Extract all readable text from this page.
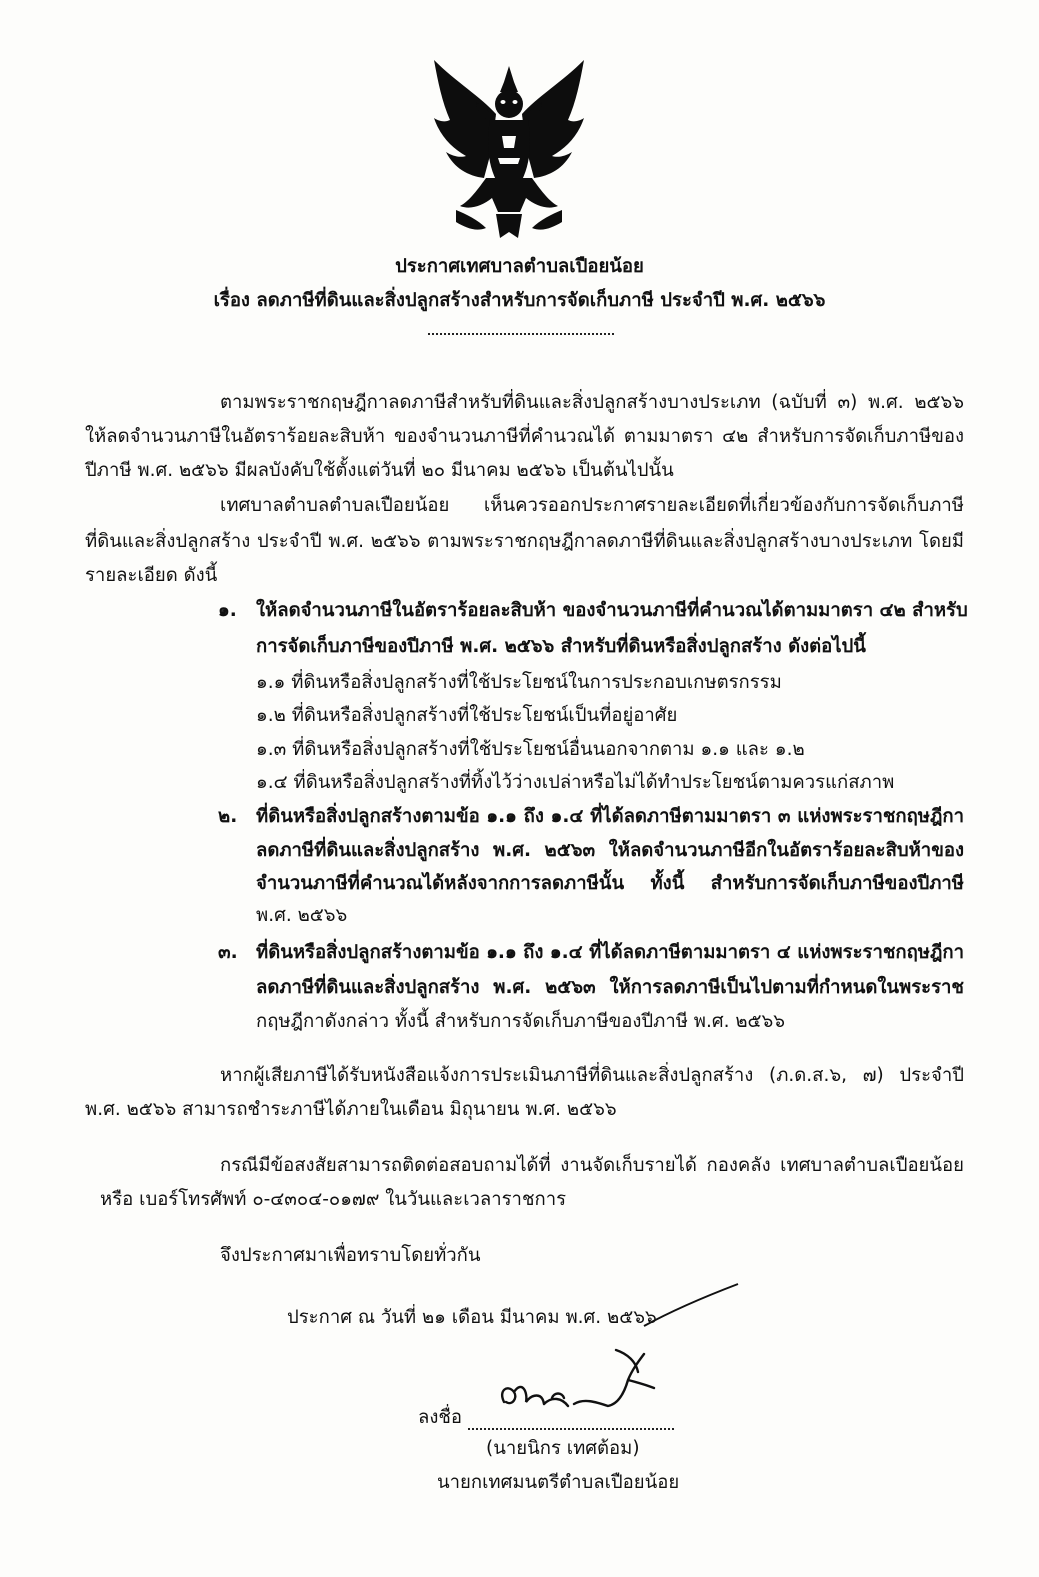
ประกาศเทศบาลตำบลเปือยน้อย
เรื่อง ลดภาษีที่ดินและสิ่งปลูกสร้างสำหรับการจัดเก็บภาษี ประจำปี พ.ศ. ๒๕๖๖
ตามพระราชกฤษฎีกาลดภาษีสำหรับที่ดินและสิ่งปลูกสร้างบางประเภท (ฉบับที่ ๓) พ.ศ. ๒๕๖๖
ให้ลดจำนวนภาษีในอัตราร้อยละสิบห้า ของจำนวนภาษีที่คำนวณได้ ตามมาตรา ๔๒ สำหรับการจัดเก็บภาษีของ
ปีภาษี พ.ศ. ๒๕๖๖ มีผลบังคับใช้ตั้งแต่วันที่ ๒๐ มีนาคม ๒๕๖๖ เป็นต้นไปนั้น
เทศบาลตำบลตำบลเปือยน้อย เห็นควรออกประกาศรายละเอียดที่เกี่ยวข้องกับการจัดเก็บภาษี
ที่ดินและสิ่งปลูกสร้าง ประจำปี พ.ศ. ๒๕๖๖ ตามพระราชกฤษฎีกาลดภาษีที่ดินและสิ่งปลูกสร้างบางประเภท โดยมี
รายละเอียด ดังนี้
๑. ให้ลดจำนวนภาษีในอัตราร้อยละสิบห้า ของจำนวนภาษีที่คำนวณได้ตามมาตรา ๔๒ สำหรับ
การจัดเก็บภาษีของปีภาษี พ.ศ. ๒๕๖๖ สำหรับที่ดินหรือสิ่งปลูกสร้าง ดังต่อไปนี้
๑.๑ ที่ดินหรือสิ่งปลูกสร้างที่ใช้ประโยชน์ในการประกอบเกษตรกรรม
๑.๒ ที่ดินหรือสิ่งปลูกสร้างที่ใช้ประโยชน์เป็นที่อยู่อาศัย
๑.๓ ที่ดินหรือสิ่งปลูกสร้างที่ใช้ประโยชน์อื่นนอกจากตาม ๑.๑ และ ๑.๒
๑.๔ ที่ดินหรือสิ่งปลูกสร้างที่ทิ้งไว้ว่างเปล่าหรือไม่ได้ทำประโยชน์ตามควรแก่สภาพ
๒. ที่ดินหรือสิ่งปลูกสร้างตามข้อ ๑.๑ ถึง ๑.๔ ที่ได้ลดภาษีตามมาตรา ๓ แห่งพระราชกฤษฎีกา
ลดภาษีที่ดินและสิ่งปลูกสร้าง พ.ศ. ๒๕๖๓ ให้ลดจำนวนภาษีอีกในอัตราร้อยละสิบห้าของ
จำนวนภาษีที่คำนวณได้หลังจากการลดภาษีนั้น ทั้งนี้ สำหรับการจัดเก็บภาษีของปีภาษี
พ.ศ. ๒๕๖๖
๓. ที่ดินหรือสิ่งปลูกสร้างตามข้อ ๑.๑ ถึง ๑.๔ ที่ได้ลดภาษีตามมาตรา ๔ แห่งพระราชกฤษฎีกา
ลดภาษีที่ดินและสิ่งปลูกสร้าง พ.ศ. ๒๕๖๓ ให้การลดภาษีเป็นไปตามที่กำหนดในพระราช
กฤษฎีกาดังกล่าว ทั้งนี้ สำหรับการจัดเก็บภาษีของปีภาษี พ.ศ. ๒๕๖๖
หากผู้เสียภาษีได้รับหนังสือแจ้งการประเมินภาษีที่ดินและสิ่งปลูกสร้าง (ภ.ด.ส.๖, ๗) ประจำปี
พ.ศ. ๒๕๖๖ สามารถชำระภาษีได้ภายในเดือน มิถุนายน พ.ศ. ๒๕๖๖
กรณีมีข้อสงสัยสามารถติดต่อสอบถามได้ที่ งานจัดเก็บรายได้ กองคลัง เทศบาลตำบลเปือยน้อย
หรือ เบอร์โทรศัพท์ ๐-๔๓๐๔-๐๑๗๙ ในวันและเวลาราชการ
จึงประกาศมาเพื่อทราบโดยทั่วกัน
ประกาศ ณ วันที่ ๒๑ เดือน มีนาคม พ.ศ. ๒๕๖๖
ลงชื่อ
(นายนิกร เทศต้อม)
นายกเทศมนตรีตำบลเปือยน้อย
